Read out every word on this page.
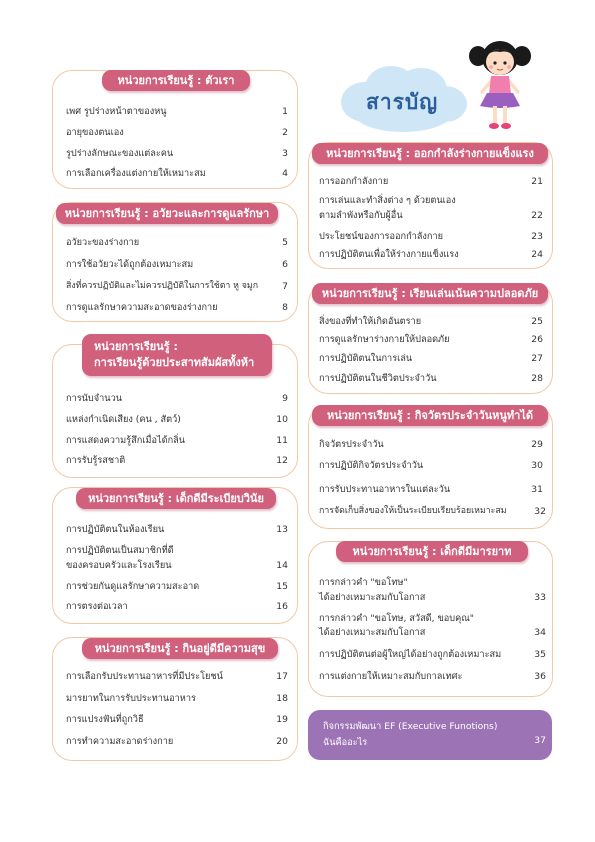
สารบัญ
หน่วยการเรียนรู้ : ตัวเรา
เพศ รูปร่างหน้าตาของหนู	1
อายุของตนเอง	2
รูปร่างลักษณะของแต่ละคน	3
การเลือกเครื่องแต่งกายให้เหมาะสม	4
หน่วยการเรียนรู้ : อวัยวะและการดูแลรักษา
อวัยวะของร่างกาย	5
การใช้อวัยวะได้ถูกต้องเหมาะสม	6
สิ่งที่ควรปฏิบัติและไม่ควรปฏิบัติในการใช้ตา หู จมูก	7
การดูแลรักษาความสะอาดของร่างกาย	8
หน่วยการเรียนรู้ :
การเรียนรู้ด้วยประสาทสัมผัสทั้งห้า
การนับจำนวน	9
แหล่งกำเนิดเสียง (คน , สัตว์)	10
การแสดงความรู้สึกเมื่อได้กลิ่น	11
การรับรู้รสชาติ	12
หน่วยการเรียนรู้ : เด็กดีมีระเบียบวินัย
การปฏิบัติตนในห้องเรียน	13
การปฏิบัติตนเป็นสมาชิกที่ดี
ของครอบครัวและโรงเรียน	14
การช่วยกันดูแลรักษาความสะอาด	15
การตรงต่อเวลา	16
หน่วยการเรียนรู้ : กินอยู่ดีมีความสุข
การเลือกรับประทานอาหารที่มีประโยชน์	17
มารยาทในการรับประทานอาหาร	18
การแปรงฟันที่ถูกวิธี	19
การทำความสะอาดร่างกาย	20
หน่วยการเรียนรู้ : ออกกำลังร่างกายแข็งแรง
การออกกำลังกาย	21
การเล่นและทำสิ่งต่าง ๆ ด้วยตนเอง
ตามลำพังหรือกับผู้อื่น	22
ประโยชน์ของการออกกำลังกาย	23
การปฏิบัติตนเพื่อให้ร่างกายแข็งแรง	24
หน่วยการเรียนรู้ : เรียนเล่นเน้นความปลอดภัย
สิ่งของที่ทำให้เกิดอันตราย	25
การดูแลรักษาร่างกายให้ปลอดภัย	26
การปฏิบัติตนในการเล่น	27
การปฏิบัติตนในชีวิตประจำวัน	28
หน่วยการเรียนรู้ : กิจวัตรประจำวันหนูทำได้
กิจวัตรประจำวัน	29
การปฏิบัติกิจวัตรประจำวัน	30
การรับประทานอาหารในแต่ละวัน	31
การจัดเก็บสิ่งของให้เป็นระเบียบเรียบร้อยเหมาะสม	32
หน่วยการเรียนรู้ : เด็กดีมีมารยาท
การกล่าวคำ "ขอโทษ"
ได้อย่างเหมาะสมกับโอกาส	33
การกล่าวคำ "ขอโทษ, สวัสดี, ขอบคุณ"
ได้อย่างเหมาะสมกับโอกาส	34
การปฏิบัติตนต่อผู้ใหญ่ได้อย่างถูกต้องเหมาะสม	35
การแต่งกายให้เหมาะสมกับกาลเทศะ	36
กิจกรรมพัฒนา EF (Executive Funotions)
ฉันคืออะไร	37
